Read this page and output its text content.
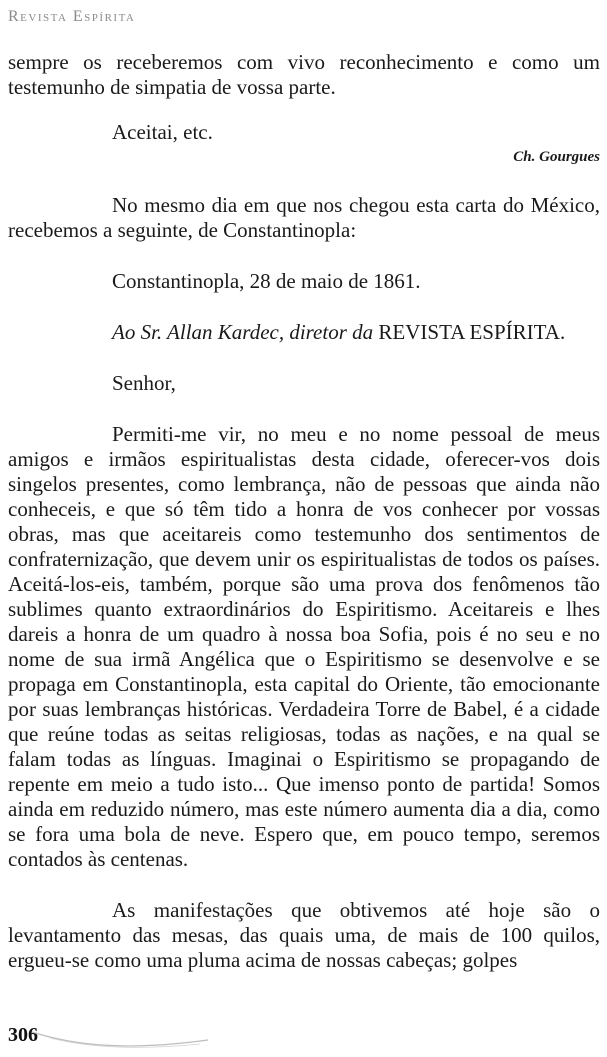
Revista Espírita

sempre os receberemos com vivo reconhecimento e como um testemunho de simpatia de vossa parte.

Aceitai, etc.

Ch. Gourgues

No mesmo dia em que nos chegou esta carta do México, recebemos a seguinte, de Constantinopla:

Constantinopla, 28 de maio de 1861.

Ao Sr. Allan Kardec, diretor da REVISTA ESPÍRITA.

Senhor,

Permiti-me vir, no meu e no nome pessoal de meus amigos e irmãos espiritualistas desta cidade, oferecer-vos dois singelos presentes, como lembrança, não de pessoas que ainda não conheceis, e que só têm tido a honra de vos conhecer por vossas obras, mas que aceitareis como testemunho dos sentimentos de confraternização, que devem unir os espiritualistas de todos os países. Aceitá-los-eis, também, porque são uma prova dos fenômenos tão sublimes quanto extraordinários do Espiritismo. Aceitareis e lhes dareis a honra de um quadro à nossa boa Sofia, pois é no seu e no nome de sua irmã Angélica que o Espiritismo se desenvolve e se propaga em Constantinopla, esta capital do Oriente, tão emocionante por suas lembranças históricas. Verdadeira Torre de Babel, é a cidade que reúne todas as seitas religiosas, todas as nações, e na qual se falam todas as línguas. Imaginai o Espiritismo se propagando de repente em meio a tudo isto... Que imenso ponto de partida! Somos ainda em reduzido número, mas este número aumenta dia a dia, como se fora uma bola de neve. Espero que, em pouco tempo, seremos contados às centenas.

As manifestações que obtivemos até hoje são o levantamento das mesas, das quais uma, de mais de 100 quilos, ergueu-se como uma pluma acima de nossas cabeças; golpes

306
